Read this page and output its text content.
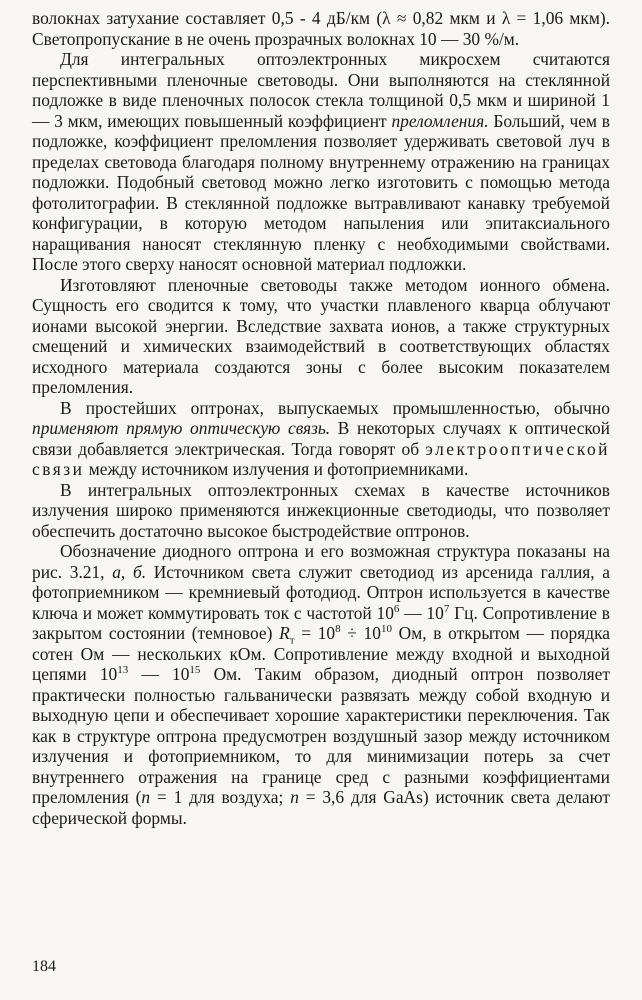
волокнах затухание составляет 0,5 - 4 дБ/км (λ ≈ 0,82 мкм и λ = 1,06 мкм). Светопропускание в не очень прозрачных волокнах 10 — 30 %/м.

Для интегральных оптоэлектронных микросхем считаются перспективными пленочные световоды. Они выполняются на стеклянной подложке в виде пленочных полосок стекла толщиной 0,5 мкм и шириной 1 — 3 мкм, имеющих повышенный коэффициент преломления. Больший, чем в подложке, коэффициент преломления позволяет удерживать световой луч в пределах световода благодаря полному внутреннему отражению на границах подложки. Подобный световод можно легко изготовить с помощью метода фотолитографии. В стеклянной подложке вытравливают канавку требуемой конфигурации, в которую методом напыления или эпитаксиального наращивания наносят стеклянную пленку с необходимыми свойствами. После этого сверху наносят основной материал подложки.

Изготовляют пленочные световоды также методом ионного обмена. Сущность его сводится к тому, что участки плавленого кварца облучают ионами высокой энергии. Вследствие захвата ионов, а также структурных смещений и химических взаимодействий в соответствующих областях исходного материала создаются зоны с более высоким показателем преломления.

В простейших оптронах, выпускаемых промышленностью, обычно применяют прямую оптическую связь. В некоторых случаях к оптической связи добавляется электрическая. Тогда говорят об электрооптической связи между источником излучения и фотоприемниками.

В интегральных оптоэлектронных схемах в качестве источников излучения широко применяются инжекционные светодиоды, что позволяет обеспечить достаточно высокое быстродействие оптронов.

Обозначение диодного оптрона и его возможная структура показаны на рис. 3.21, а, б. Источником света служит светодиод из арсенида галлия, а фотоприемником — кремниевый фотодиод. Оптрон используется в качестве ключа и может коммутировать ток с частотой $10^6$ — $10^7$ Гц. Сопротивление в закрытом состоянии (темновое) $R_т = 10^8 \div 10^{10}$ Ом, в открытом — порядка сотен Ом — нескольких кОм. Сопротивление между входной и выходной цепями $10^{13}$ — $10^{15}$ Ом. Таким образом, диодный оптрон позволяет практически полностью гальванически развязать между собой входную и выходную цепи и обеспечивает хорошие характеристики переключения. Так как в структуре оптрона предусмотрен воздушный зазор между источником излучения и фотоприемником, то для минимизации потерь за счет внутреннего отражения на границе сред с разными коэффициентами преломления (n = 1 для воздуха; n = 3,6 для GaAs) источник света делают сферической формы.

184
